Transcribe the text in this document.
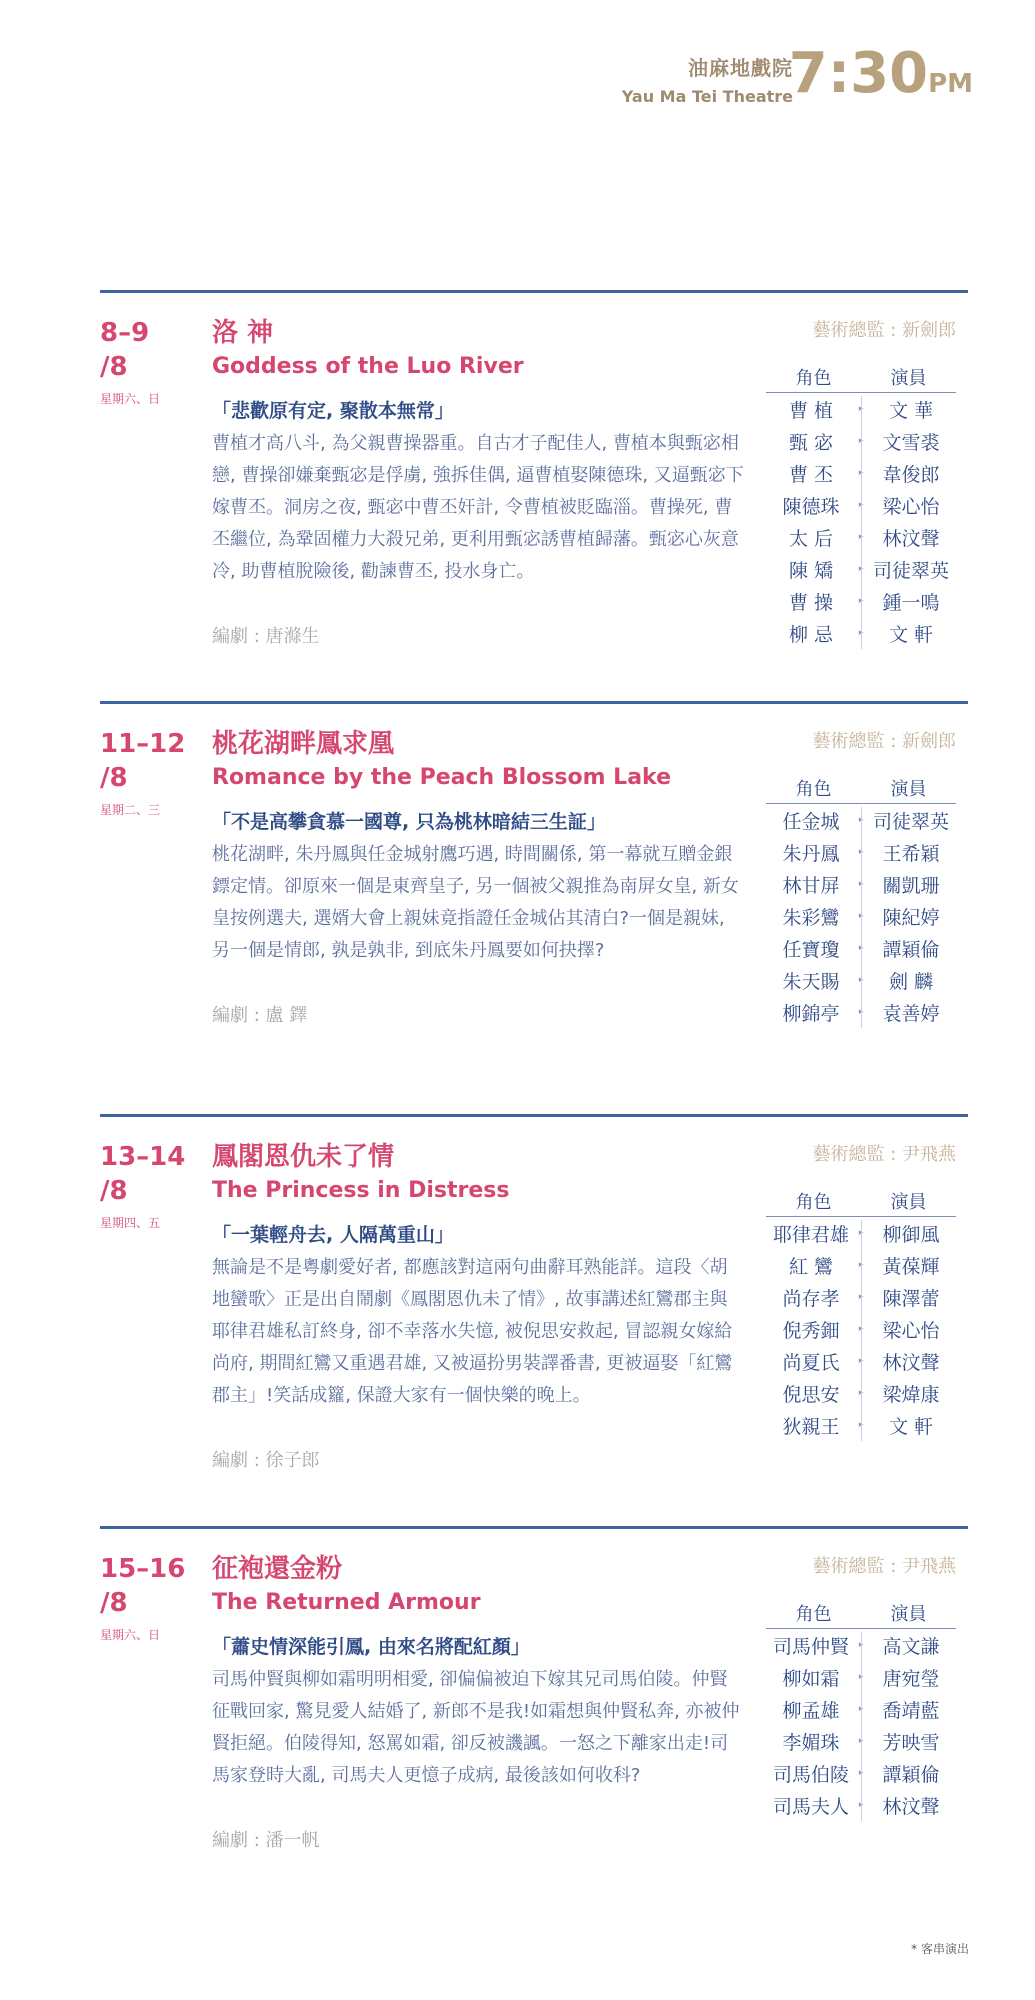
油麻地戲院
Yau Ma Tei Theatre
7:30PM
8–9
/8
星期六、日
洛 神
Goddess of the Luo River
「悲歡原有定, 聚散本無常」
曹植才高八斗, 為父親曹操器重。自古才子配佳人, 曹植本與甄宓相戀, 曹操卻嫌棄甄宓是俘虜, 強拆佳偶, 逼曹植娶陳德珠, 又逼甄宓下嫁曹丕。洞房之夜, 甄宓中曹丕奸計, 令曹植被貶臨淄。曹操死, 曹丕繼位, 為鞏固權力大殺兄弟, 更利用甄宓誘曹植歸藩。甄宓心灰意冷, 助曹植脫險後, 勸諫曹丕, 投水身亡。
編劇 : 唐滌生
藝術總監 : 新劍郎
角色	演員
曹 植	▸	文 華
甄 宓	▸	文雪裘
曹 丕	▸	韋俊郎
陳德珠	▸	梁心怡
太 后	▸	林汶聲
陳 矯	▸ 司徒翠英
曹 操	▸	鍾一鳴
柳 忌	▸	文 軒
11–12
/8
星期二、三
桃花湖畔鳳求凰
Romance by the Peach Blossom Lake
「不是高攀貪慕一國尊, 只為桃林暗結三生証」
桃花湖畔, 朱丹鳳與任金城射鷹巧遇, 時間關係, 第一幕就互贈金銀鏢定情。卻原來一個是東齊皇子, 另一個被父親推為南屏女皇, 新女皇按例選夫, 選婿大會上親妹竟指證任金城佔其清白?一個是親妹, 另一個是情郎, 孰是孰非, 到底朱丹鳳要如何抉擇?
編劇 : 盧 鐸
藝術總監 : 新劍郎
角色	演員
任金城	▸ 司徒翠英
朱丹鳳	▸	王希穎
林甘屏	▸	關凱珊
朱彩鸞	▸	陳紀婷
任寶瓊	▸	譚穎倫
朱天賜	▸	劍 麟
柳錦亭	▸	袁善婷
13–14
/8
星期四、五
鳳閣恩仇未了情
The Princess in Distress
「一葉輕舟去, 人隔萬重山」
無論是不是粵劇愛好者, 都應該對這兩句曲辭耳熟能詳。這段〈胡地蠻歌〉正是出自鬧劇《鳳閣恩仇未了情》, 故事講述紅鸞郡主與耶律君雄私訂終身, 卻不幸落水失憶, 被倪思安救起, 冒認親女嫁給尚府, 期間紅鸞又重遇君雄, 又被逼扮男裝譯番書, 更被逼娶「紅鸞郡主」!笑話成籮, 保證大家有一個快樂的晚上。
編劇 : 徐子郎
藝術總監 : 尹飛燕
角色	演員
耶律君雄	▸	柳御風
紅 鸞	▸	黃葆輝
尚存孝	▸	陳澤蕾
倪秀鈿	▸	梁心怡
尚夏氏	▸	林汶聲
倪思安	▸	梁煒康
狄親王	▸	文 軒
15–16
/8
星期六、日
征袍還金粉
The Returned Armour
「蕭史情深能引鳳, 由來名將配紅顏」
司馬仲賢與柳如霜明明相愛, 卻偏偏被迫下嫁其兄司馬伯陵。仲賢征戰回家, 驚見愛人結婚了, 新郎不是我!如霜想與仲賢私奔, 亦被仲賢拒絕。伯陵得知, 怒罵如霜, 卻反被譏諷。一怒之下離家出走!司馬家登時大亂, 司馬夫人更憶子成病, 最後該如何收科?
編劇 : 潘一帆
藝術總監 : 尹飛燕
角色	演員
司馬仲賢	▸	高文謙
柳如霜	▸	唐宛瑩
柳孟雄	▸	喬靖藍
李媚珠	▸	芳映雪
司馬伯陵	▸	譚穎倫
司馬夫人	▸	林汶聲
* 客串演出
